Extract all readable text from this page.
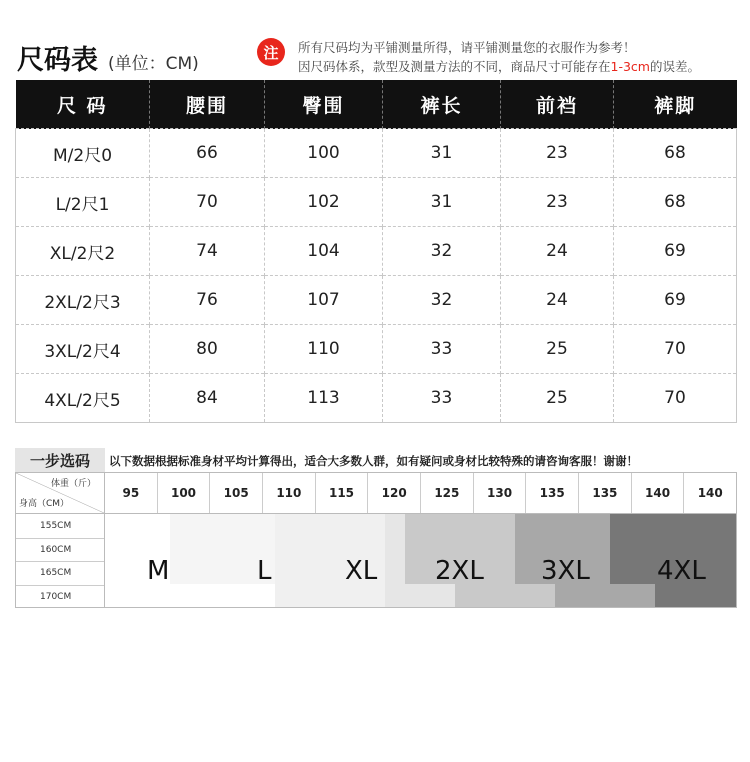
尺码表 (单位：CM)
注	所有尺码均为平铺测量所得，请平铺测量您的衣服作为参考！
因尺码体系，款型及测量方法的不同，商品尺寸可能存在1-3cm的误差。
尺 码	腰围	臀围	裤长	前裆	裤脚
M/2尺0	66	100	31	23	68
L/2尺1	70	102	31	23	68
XL/2尺2	74	104	32	24	69
2XL/2尺3	76	107	32	24	69
3XL/2尺4	80	110	33	25	70
4XL/2尺5	84	113	33	25	70
一步选码	以下数据根据标准身材平均计算得出，适合大多数人群，如有疑问或身材比较特殊的请咨询客服！谢谢！
体重（斤）
身高（CM）
95	100	105	110	115	120	125	130	135	135	140	140
155CM
160CM
165CM
170CM
M	L	XL 2XL 3XL	4XL
